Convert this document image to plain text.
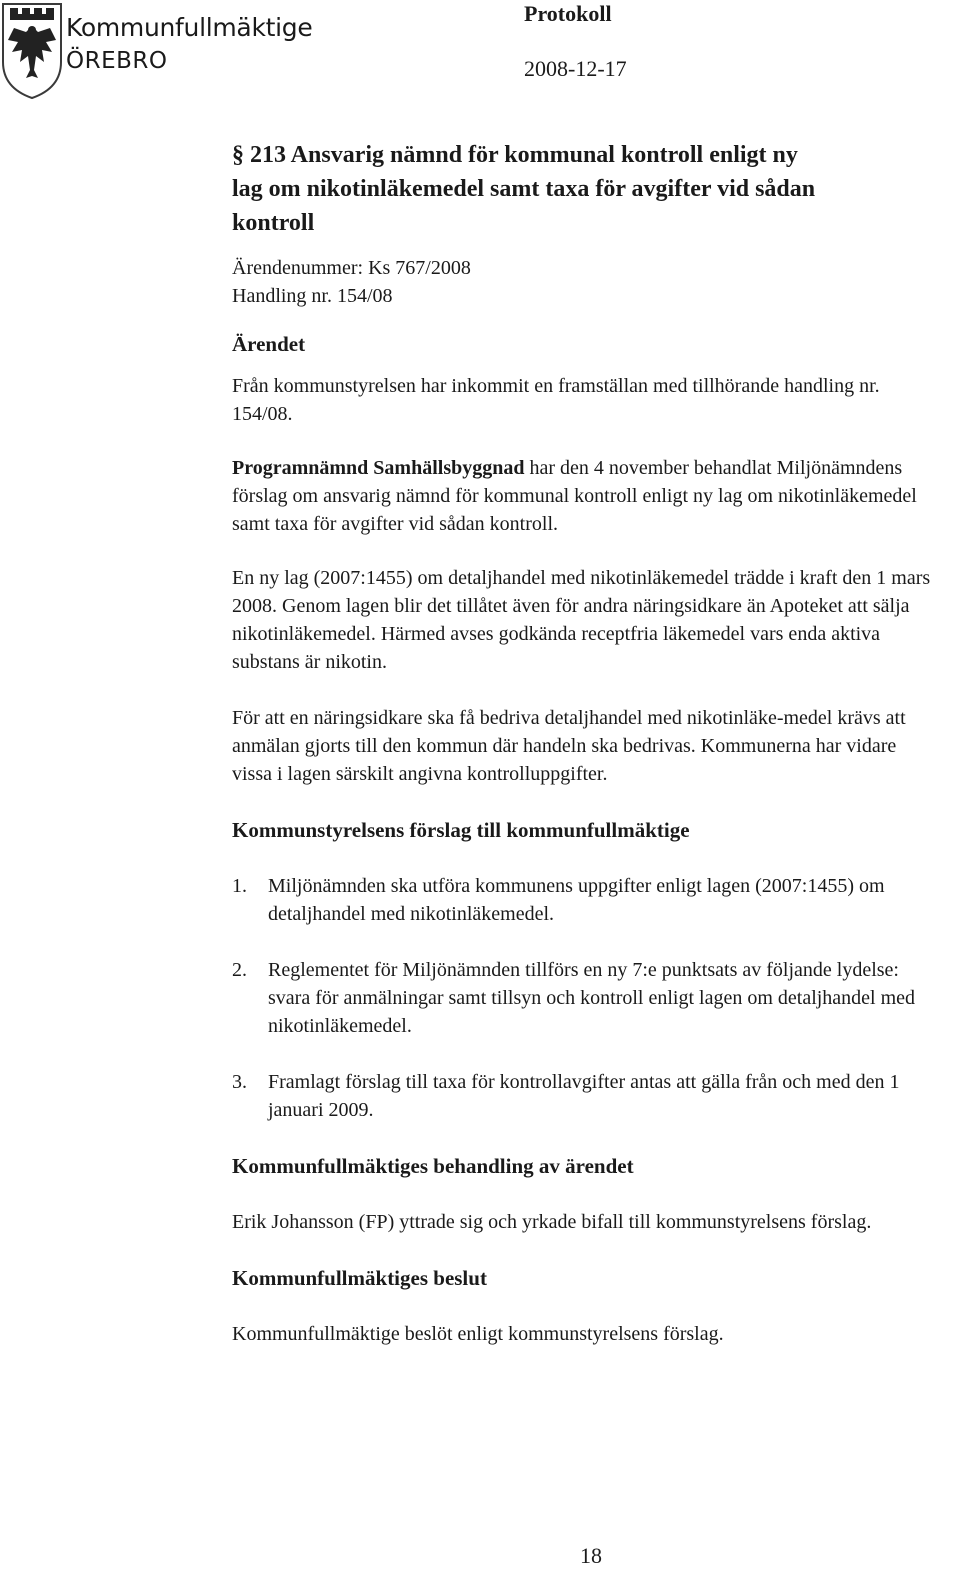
Kommunfullmäktige
ÖREBRO
Protokoll
2008-12-17
§ 213 Ansvarig nämnd för kommunal kontroll enligt ny
lag om nikotinläkemedel samt taxa för avgifter vid sådan
kontroll
Ärendenummer: Ks 767/2008
Handling nr. 154/08
Ärendet

Från kommunstyrelsen har inkommit en framställan med tillhörande handling nr. 154/08.

Programnämnd Samhällsbyggnad har den 4 november behandlat Miljönämndens förslag om ansvarig nämnd för kommunal kontroll enligt ny lag om nikotinläkemedel samt taxa för avgifter vid sådan kontroll.

En ny lag (2007:1455) om detaljhandel med nikotinläkemedel trädde i kraft den 1 mars 2008. Genom lagen blir det tillåtet även för andra näringsidkare än Apoteket att sälja nikotinläkemedel. Härmed avses godkända receptfria läkemedel vars enda aktiva substans är nikotin.

För att en näringsidkare ska få bedriva detaljhandel med nikotinläke-medel krävs att anmälan gjorts till den kommun där handeln ska bedrivas. Kommunerna har vidare vissa i lagen särskilt angivna kontrolluppgifter.

Kommunstyrelsens förslag till kommunfullmäktige
1. Miljönämnden ska utföra kommunens uppgifter enligt lagen (2007:1455) om detaljhandel med nikotinläkemedel.
2. Reglementet för Miljönämnden tillförs en ny 7:e punktsats av följande lydelse: svara för anmälningar samt tillsyn och kontroll enligt lagen om detaljhandel med nikotinläkemedel.
3. Framlagt förslag till taxa för kontrollavgifter antas att gälla från och med den 1 januari 2009.
Kommunfullmäktiges behandling av ärendet

Erik Johansson (FP) yttrade sig och yrkade bifall till kommunstyrelsens förslag.

Kommunfullmäktiges beslut

Kommunfullmäktige beslöt enligt kommunstyrelsens förslag.

18
